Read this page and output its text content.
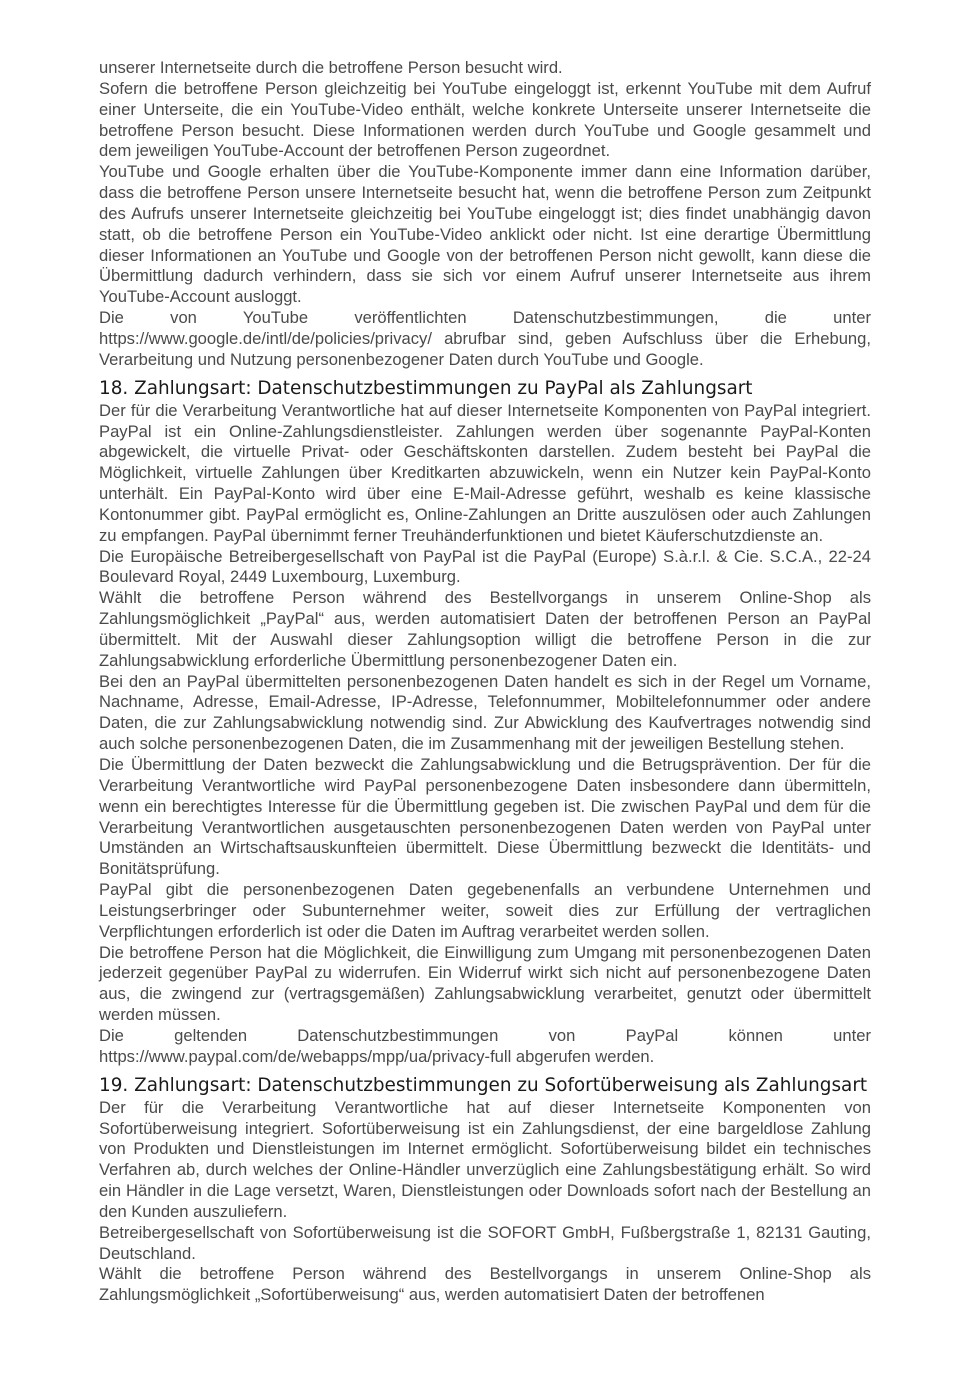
unserer Internetseite durch die betroffene Person besucht wird.

Sofern die betroffene Person gleichzeitig bei YouTube eingeloggt ist, erkennt YouTube mit dem Aufruf einer Unterseite, die ein YouTube-Video enthält, welche konkrete Unterseite unserer Internetseite die betroffene Person besucht. Diese Informationen werden durch YouTube und Google gesammelt und dem jeweiligen YouTube-Account der betroffenen Person zugeordnet.

YouTube und Google erhalten über die YouTube-Komponente immer dann eine Information darüber, dass die betroffene Person unsere Internetseite besucht hat, wenn die betroffene Person zum Zeitpunkt des Aufrufs unserer Internetseite gleichzeitig bei YouTube eingeloggt ist; dies findet unabhängig davon statt, ob die betroffene Person ein YouTube-Video anklickt oder nicht. Ist eine derartige Übermittlung dieser Informationen an YouTube und Google von der betroffenen Person nicht gewollt, kann diese die Übermittlung dadurch verhindern, dass sie sich vor einem Aufruf unserer Internetseite aus ihrem YouTube-Account ausloggt.

Die von YouTube veröffentlichten Datenschutzbestimmungen, die unter https://www.google.de/intl/de/policies/privacy/ abrufbar sind, geben Aufschluss über die Erhebung, Verarbeitung und Nutzung personenbezogener Daten durch YouTube und Google.

18. Zahlungsart: Datenschutzbestimmungen zu PayPal als Zahlungsart

Der für die Verarbeitung Verantwortliche hat auf dieser Internetseite Komponenten von PayPal integriert. PayPal ist ein Online-Zahlungsdienstleister. Zahlungen werden über sogenannte PayPal-Konten abgewickelt, die virtuelle Privat- oder Geschäftskonten darstellen. Zudem besteht bei PayPal die Möglichkeit, virtuelle Zahlungen über Kreditkarten abzuwickeln, wenn ein Nutzer kein PayPal-Konto unterhält. Ein PayPal-Konto wird über eine E-Mail-Adresse geführt, weshalb es keine klassische Kontonummer gibt. PayPal ermöglicht es, Online-Zahlungen an Dritte auszulösen oder auch Zahlungen zu empfangen. PayPal übernimmt ferner Treuhänderfunktionen und bietet Käuferschutzdienste an.

Die Europäische Betreibergesellschaft von PayPal ist die PayPal (Europe) S.à.r.l. & Cie. S.C.A., 22-24 Boulevard Royal, 2449 Luxembourg, Luxemburg.

Wählt die betroffene Person während des Bestellvorgangs in unserem Online-Shop als Zahlungsmöglichkeit „PayPal“ aus, werden automatisiert Daten der betroffenen Person an PayPal übermittelt. Mit der Auswahl dieser Zahlungsoption willigt die betroffene Person in die zur Zahlungsabwicklung erforderliche Übermittlung personenbezogener Daten ein.

Bei den an PayPal übermittelten personenbezogenen Daten handelt es sich in der Regel um Vorname, Nachname, Adresse, Email-Adresse, IP-Adresse, Telefonnummer, Mobiltelefonnummer oder andere Daten, die zur Zahlungsabwicklung notwendig sind. Zur Abwicklung des Kaufvertrages notwendig sind auch solche personenbezogenen Daten, die im Zusammenhang mit der jeweiligen Bestellung stehen.

Die Übermittlung der Daten bezweckt die Zahlungsabwicklung und die Betrugsprävention. Der für die Verarbeitung Verantwortliche wird PayPal personenbezogene Daten insbesondere dann übermitteln, wenn ein berechtigtes Interesse für die Übermittlung gegeben ist. Die zwischen PayPal und dem für die Verarbeitung Verantwortlichen ausgetauschten personenbezogenen Daten werden von PayPal unter Umständen an Wirtschaftsauskunfteien übermittelt. Diese Übermittlung bezweckt die Identitäts- und Bonitätsprüfung.

PayPal gibt die personenbezogenen Daten gegebenenfalls an verbundene Unternehmen und Leistungserbringer oder Subunternehmer weiter, soweit dies zur Erfüllung der vertraglichen Verpflichtungen erforderlich ist oder die Daten im Auftrag verarbeitet werden sollen.

Die betroffene Person hat die Möglichkeit, die Einwilligung zum Umgang mit personenbezogenen Daten jederzeit gegenüber PayPal zu widerrufen. Ein Widerruf wirkt sich nicht auf personenbezogene Daten aus, die zwingend zur (vertragsgemäßen) Zahlungsabwicklung verarbeitet, genutzt oder übermittelt werden müssen.

Die geltenden Datenschutzbestimmungen von PayPal können unter https://www.paypal.com/de/webapps/mpp/ua/privacy-full abgerufen werden.

19. Zahlungsart: Datenschutzbestimmungen zu Sofortüberweisung als Zahlungsart

Der für die Verarbeitung Verantwortliche hat auf dieser Internetseite Komponenten von Sofortüberweisung integriert. Sofortüberweisung ist ein Zahlungsdienst, der eine bargeldlose Zahlung von Produkten und Dienstleistungen im Internet ermöglicht. Sofortüberweisung bildet ein technisches Verfahren ab, durch welches der Online-Händler unverzüglich eine Zahlungsbestätigung erhält. So wird ein Händler in die Lage versetzt, Waren, Dienstleistungen oder Downloads sofort nach der Bestellung an den Kunden auszuliefern.

Betreibergesellschaft von Sofortüberweisung ist die SOFORT GmbH, Fußbergstraße 1, 82131 Gauting, Deutschland.

Wählt die betroffene Person während des Bestellvorgangs in unserem Online-Shop als Zahlungsmöglichkeit „Sofortüberweisung“ aus, werden automatisiert Daten der betroffenen
